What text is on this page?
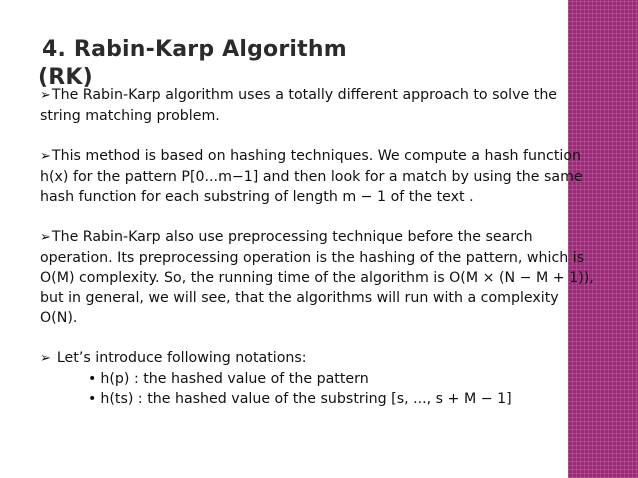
4. Rabin-Karp Algorithm
(RK)

➢The Rabin-Karp algorithm uses a totally different approach to solve the string matching problem.

➢This method is based on hashing techniques. We compute a hash function h(x) for the pattern P[0...m−1] and then look for a match by using the same hash function for each substring of length m − 1 of the text .

➢The Rabin-Karp also use preprocessing technique before the search operation. Its preprocessing operation is the hashing of the pattern, which is O(M) complexity. So, the running time of the algorithm is O(M × (N − M + 1)), but in general, we will see, that the algorithms will run with a complexity O(N).

➢ Let’s introduce following notations:
• h(p) : the hashed value of the pattern
• h(ts) : the hashed value of the substring [s, ..., s + M − 1]
